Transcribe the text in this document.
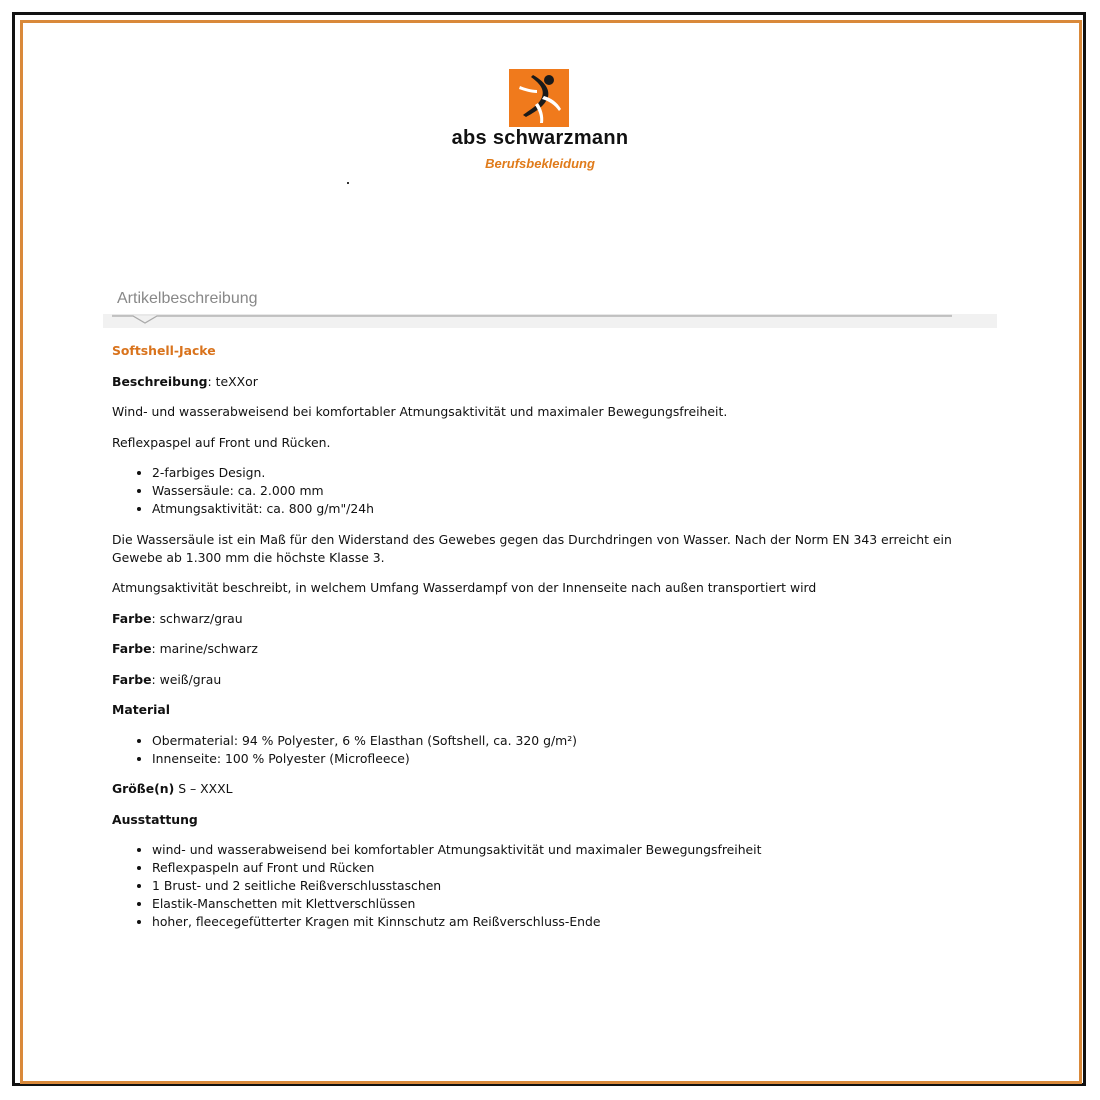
abs schwarzmann
Berufsbekleidung
Artikelbeschreibung

Softshell-Jacke

Beschreibung: teXXor

Wind- und wasserabweisend bei komfortabler Atmungsaktivität und maximaler Bewegungsfreiheit.

Reflexpaspel auf Front und Rücken.

• 2-farbiges Design.
• Wassersäule: ca. 2.000 mm
• Atmungsaktivität: ca. 800 g/m"/24h

Die Wassersäule ist ein Maß für den Widerstand des Gewebes gegen das Durchdringen von Wasser. Nach der Norm EN 343 erreicht ein Gewebe ab 1.300 mm die höchste Klasse 3.

Atmungsaktivität beschreibt, in welchem Umfang Wasserdampf von der Innenseite nach außen transportiert wird

Farbe: schwarz/grau

Farbe: marine/schwarz

Farbe: weiß/grau

Material

• Obermaterial: 94 % Polyester, 6 % Elasthan (Softshell, ca. 320 g/m²)
• Innenseite: 100 % Polyester (Microfleece)

Größe(n) S – XXXL

Ausstattung

• wind- und wasserabweisend bei komfortabler Atmungsaktivität und maximaler Bewegungsfreiheit
• Reflexpaspeln auf Front und Rücken
• 1 Brust- und 2 seitliche Reißverschlusstaschen
• Elastik-Manschetten mit Klettverschlüssen
• hoher, fleecegefütterter Kragen mit Kinnschutz am Reißverschluss-Ende
